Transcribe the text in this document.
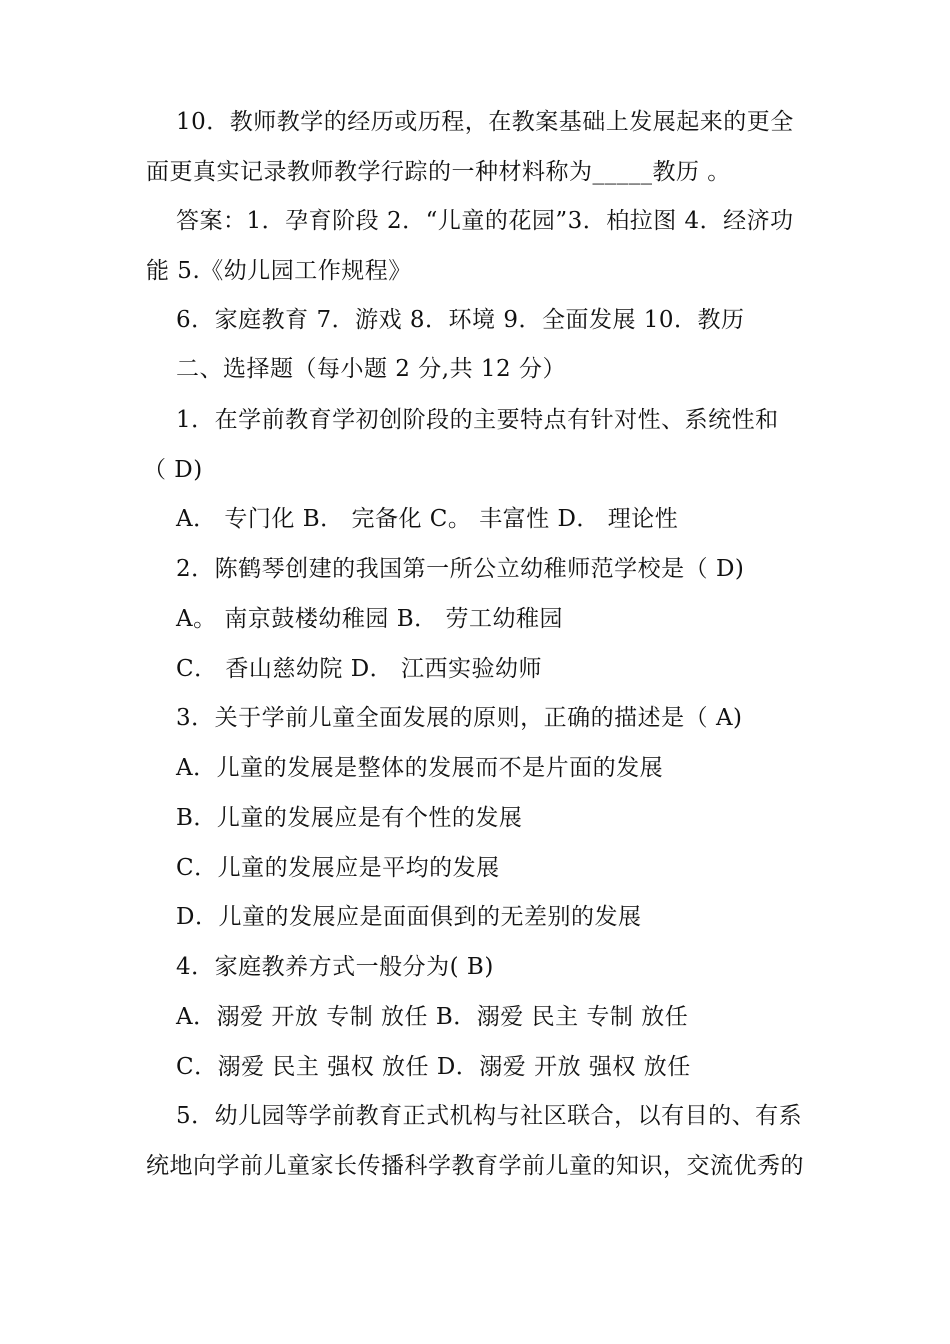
10．教师教学的经历或历程，在教案基础上发展起来的更全
面更真实记录教师教学行踪的一种材料称为_____教历 。
答案：1．孕育阶段 2．“儿童的花园”3．柏拉图 4．经济功
能 5.《幼儿园工作规程》
6．家庭教育 7．游戏 8．环境 9．全面发展 10．教历
二、选择题（每小题 2 分,共 12 分）
1．在学前教育学初创阶段的主要特点有针对性、系统性和
（ D)
A． 专门化 B． 完备化 C。 丰富性 D． 理论性
2．陈鹤琴创建的我国第一所公立幼稚师范学校是（ D)
A。 南京鼓楼幼稚园 B． 劳工幼稚园
C． 香山慈幼院 D． 江西实验幼师
3．关于学前儿童全面发展的原则，正确的描述是（ A)
A．儿童的发展是整体的发展而不是片面的发展
B．儿童的发展应是有个性的发展
C．儿童的发展应是平均的发展
D．儿童的发展应是面面俱到的无差别的发展
4．家庭教养方式一般分为( B)
A．溺爱 开放 专制 放任 B．溺爱 民主 专制 放任
C．溺爱 民主 强权 放任 D．溺爱 开放 强权 放任
5．幼儿园等学前教育正式机构与社区联合，以有目的、有系
统地向学前儿童家长传播科学教育学前儿童的知识，交流优秀的
